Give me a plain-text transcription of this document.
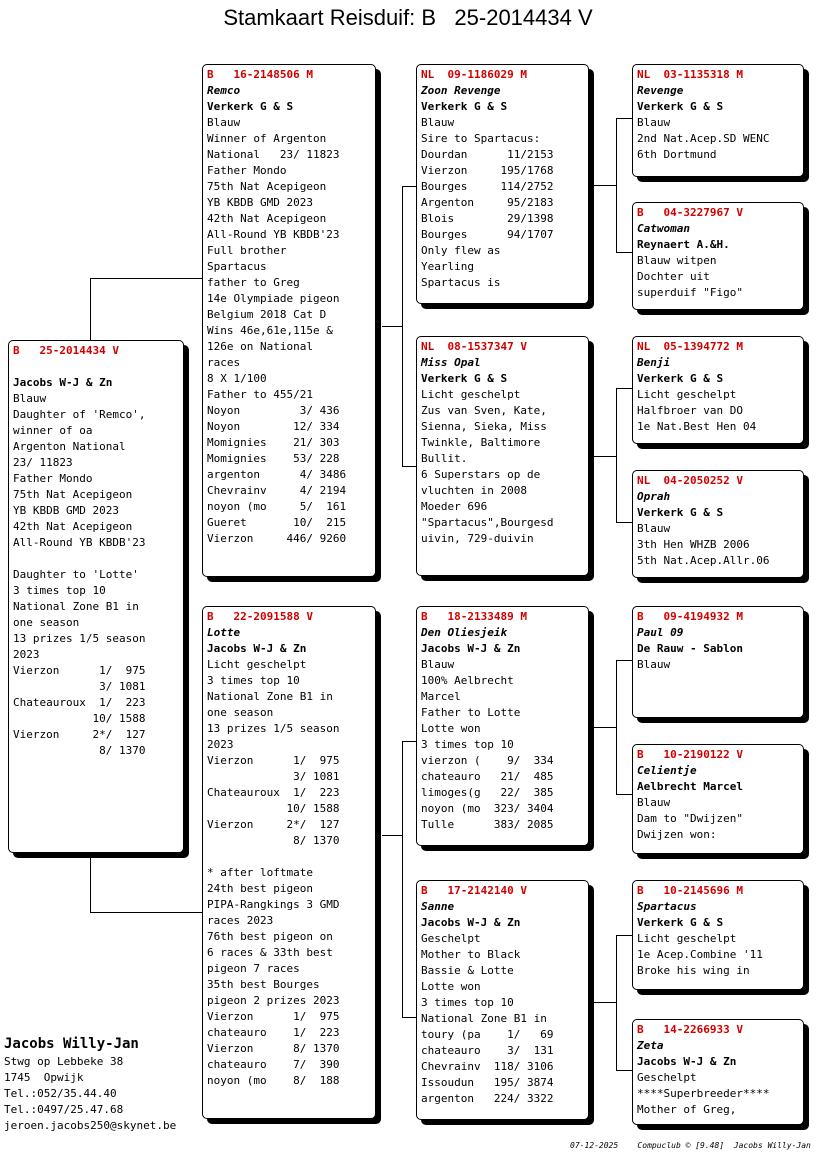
Stamkaart Reisduif: B   25-2014434 V
B   25-2014434 V
Jacobs W-J & Zn
Blauw
Daughter of 'Remco',
winner of oa
Argenton National
23/ 11823
Father Mondo
75th Nat Acepigeon
YB KBDB GMD 2023
42th Nat Acepigeon
All-Round YB KBDB'23
Daughter to 'Lotte'
3 times top 10
National Zone B1 in
one season
13 prizes 1/5 season
2023
Vierzon      1/  975
3/ 1081
Chateauroux  1/  223
10/ 1588
Vierzon     2*/  127
8/ 1370
B   16-2148506 M
Remco
Verkerk G & S
Blauw
Winner of Argenton
National   23/ 11823
Father Mondo
75th Nat Acepigeon
YB KBDB GMD 2023
42th Nat Acepigeon
All-Round YB KBDB'23
Full brother
Spartacus
father to Greg
14e Olympiade pigeon
Belgium 2018 Cat D
Wins 46e,61e,115e &
126e on National
races
8 X 1/100
Father to 455/21
Noyon         3/ 436
Noyon        12/ 334
Momignies    21/ 303
Momignies    53/ 228
argenton      4/ 3486
Chevrainv     4/ 2194
noyon (mo     5/  161
Gueret       10/  215
Vierzon     446/ 9260
B   22-2091588 V
Lotte
Jacobs W-J & Zn
Licht geschelpt
3 times top 10
National Zone B1 in
one season
13 prizes 1/5 season
2023
Vierzon      1/  975
3/ 1081
Chateauroux  1/  223
10/ 1588
Vierzon     2*/  127
8/ 1370
* after loftmate
24th best pigeon
PIPA-Rangkings 3 GMD
races 2023
76th best pigeon on
6 races & 33th best
pigeon 7 races
35th best Bourges
pigeon 2 prizes 2023
Vierzon      1/  975
chateauro    1/  223
Vierzon      8/ 1370
chateauro    7/  390
noyon (mo    8/  188
NL  09-1186029 M
Zoon Revenge
Verkerk G & S
Blauw
Sire to Spartacus:
Dourdan      11/2153
Vierzon     195/1768
Bourges     114/2752
Argenton     95/2183
Blois        29/1398
Bourges      94/1707
Only flew as
Yearling
Spartacus is
NL  08-1537347 V
Miss Opal
Verkerk G & S
Licht geschelpt
Zus van Sven, Kate,
Sienna, Sieka, Miss
Twinkle, Baltimore
Bullit.
6 Superstars op de
vluchten in 2008
Moeder 696
"Spartacus",Bourgesd
uivin, 729-duivin
B   18-2133489 M
Den Oliesjeik
Jacobs W-J & Zn
Blauw
100% Aelbrecht
Marcel
Father to Lotte
Lotte won
3 times top 10
vierzon (    9/  334
chateauro   21/  485
limoges(g   22/  385
noyon (mo  323/ 3404
Tulle      383/ 2085
B   17-2142140 V
Sanne
Jacobs W-J & Zn
Geschelpt
Mother to Black
Bassie & Lotte
Lotte won
3 times top 10
National Zone B1 in
toury (pa    1/   69
chateauro    3/  131
Chevrainv  118/ 3106
Issoudun   195/ 3874
argenton   224/ 3322
NL  03-1135318 M
Revenge
Verkerk G & S
Blauw
2nd Nat.Acep.SD WENC
6th Dortmund
B   04-3227967 V
Catwoman
Reynaert A.&H.
Blauw witpen
Dochter uit
superduif "Figo"
NL  05-1394772 M
Benji
Verkerk G & S
Licht geschelpt
Halfbroer van DO
1e Nat.Best Hen 04
NL  04-2050252 V
Oprah
Verkerk G & S
Blauw
3th Hen WHZB 2006
5th Nat.Acep.Allr.06
B   09-4194932 M
Paul 09
De Rauw - Sablon
Blauw
B   10-2190122 V
Celientje
Aelbrecht Marcel
Blauw
Dam to "Dwijzen"
Dwijzen won:
B   10-2145696 M
Spartacus
Verkerk G & S
Licht geschelpt
1e Acep.Combine '11
Broke his wing in
B   14-2266933 V
Zeta
Jacobs W-J & Zn
Geschelpt
****Superbreeder****
Mother of Greg,
Jacobs Willy-Jan
Stwg op Lebbeke 38
1745  Opwijk
Tel.:052/35.44.40
Tel.:0497/25.47.68
jeroen.jacobs250@skynet.be
07-12-2025    Compuclub © [9.48]  Jacobs Willy-Jan
